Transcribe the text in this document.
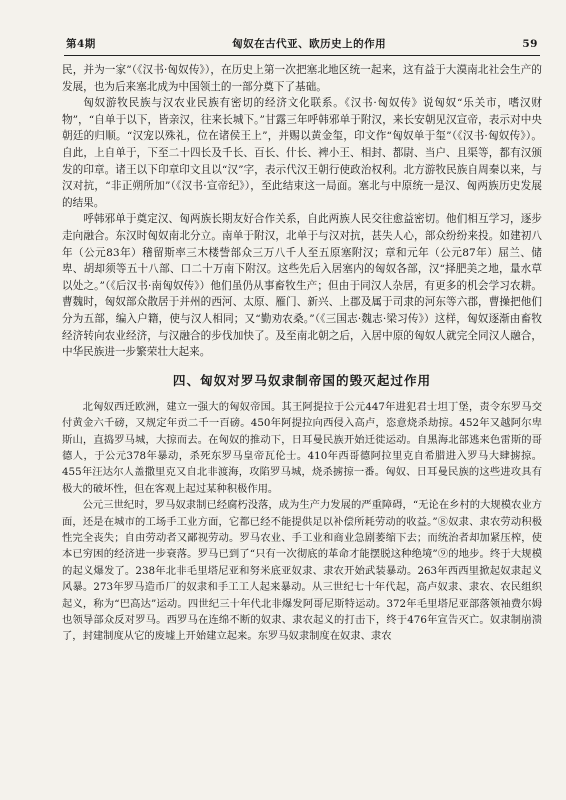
第4期	匈奴在古代亚、欧历史上的作用	59

民，并为一家”（《汉书·匈奴传》），在历史上第一次把塞北地区统一起来，这有益于大漠南北社会生产的发展，也为后来塞北成为中国领土的一部分奠下了基础。

匈奴游牧民族与汉农业民族有密切的经济文化联系。《汉书·匈奴传》说匈奴“乐关市，嗜汉财物”，“自单于以下，皆亲汉，往来长城下。”甘露三年呼韩邪单于附汉，来长安朝见汉宣帝，表示对中央朝廷的归顺。“汉宠以殊礼，位在诸侯王上”，并赐以黄金玺，印文作“匈奴单于玺”（《汉书·匈奴传》）。自此，上自单于，下至二十四长及千长、百长、什长、裨小王、相封、都尉、当户、且渠等，都有汉颁发的印章。诸王以下印章印文且以“汉”字，表示代汉王朝行使政治权利。北方游牧民族自周秦以来，与汉对抗，“非正朔所加”（《汉书·宣帝纪》），至此结束这一局面。塞北与中原统一是汉、匈两族历史发展的结果。

呼韩邪单于奠定汉、匈两族长期友好合作关系，自此两族人民交往愈益密切。他们相互学习，逐步走向融合。东汉时匈奴南北分立。南单于附汉，北单于与汉对抗，甚失人心，部众纷纷来投。如建初八年（公元83年）稽留斯率三木楼訾部众三万八千人至五原塞附汉；章和元年（公元87年）屈兰、储卑、胡却须等五十八部、口二十万南下附汉。这些先后入居塞内的匈奴各部，汉“择肥美之地，量水草以处之。”（《后汉书·南匈奴传》）他们虽仍从事畜牧生产；但由于同汉人杂居，有更多的机会学习农耕。曹魏时，匈奴部众散居于并州的西河、太原、雁门、新兴、上郡及属于司隶的河东等六郡，曹操把他们分为五部，编入户籍，使与汉人相同；又“勤劝农桑。”（《三国志·魏志·梁习传》）这样，匈奴逐渐由畜牧经济转向农业经济，与汉融合的步伐加快了。及至南北朝之后，入居中原的匈奴人就完全同汉人融合，中华民族进一步繁荣壮大起来。

四、匈奴对罗马奴隶制帝国的毁灭起过作用

北匈奴西迁欧洲，建立一强大的匈奴帝国。其王阿提拉于公元447年进犯君士坦丁堡，责令东罗马交付黄金六千磅，又规定年贡二千一百磅。450年阿提拉向西侵入高卢，恣意烧杀劫掠。452年又越阿尔卑斯山，直捣罗马城，大掠而去。在匈奴的推动下，日耳曼民族开始迁徙运动。自黑海北部逃来色雷斯的哥德人，于公元378年暴动，杀死东罗马皇帝瓦伦士。410年西哥德阿拉里克自希腊进入罗马大肆掳掠。455年汪达尔人盖撒里克又自北非渡海，攻陷罗马城，烧杀掳掠一番。匈奴、日耳曼民族的这些进攻具有极大的破坏性，但在客观上起过某种积极作用。

公元三世纪时，罗马奴隶制已经腐朽没落，成为生产力发展的严重障碍，“无论在乡村的大规模农业方面，还是在城市的工场手工业方面，它都已经不能提供足以补偿所耗劳动的收益。”⑧奴隶、隶农劳动积极性完全丧失；自由劳动者又鄙视劳动。罗马农业、手工业和商业急剧萎缩下去；而统治者却加紧压榨，使本已穷困的经济进一步衰落。罗马已到了“只有一次彻底的革命才能摆脱这种绝境”⑨的地步。终于大规模的起义爆发了。238年北非毛里塔尼亚和努米底亚奴隶、隶农开始武装暴动。263年西西里掀起奴隶起义风暴。273年罗马造币厂的奴隶和手工工人起来暴动。从三世纪七十年代起，高卢奴隶、隶农、农民组织起义，称为“巴高达”运动。四世纪三十年代北非爆发阿哥尼斯特运动。372年毛里塔尼亚部落领袖费尔姆也领导部众反对罗马。西罗马在连绵不断的奴隶、隶农起义的打击下，终于476年宣告灭亡。奴隶制崩溃了，封建制度从它的废墟上开始建立起来。东罗马奴隶制度在奴隶、隶农
